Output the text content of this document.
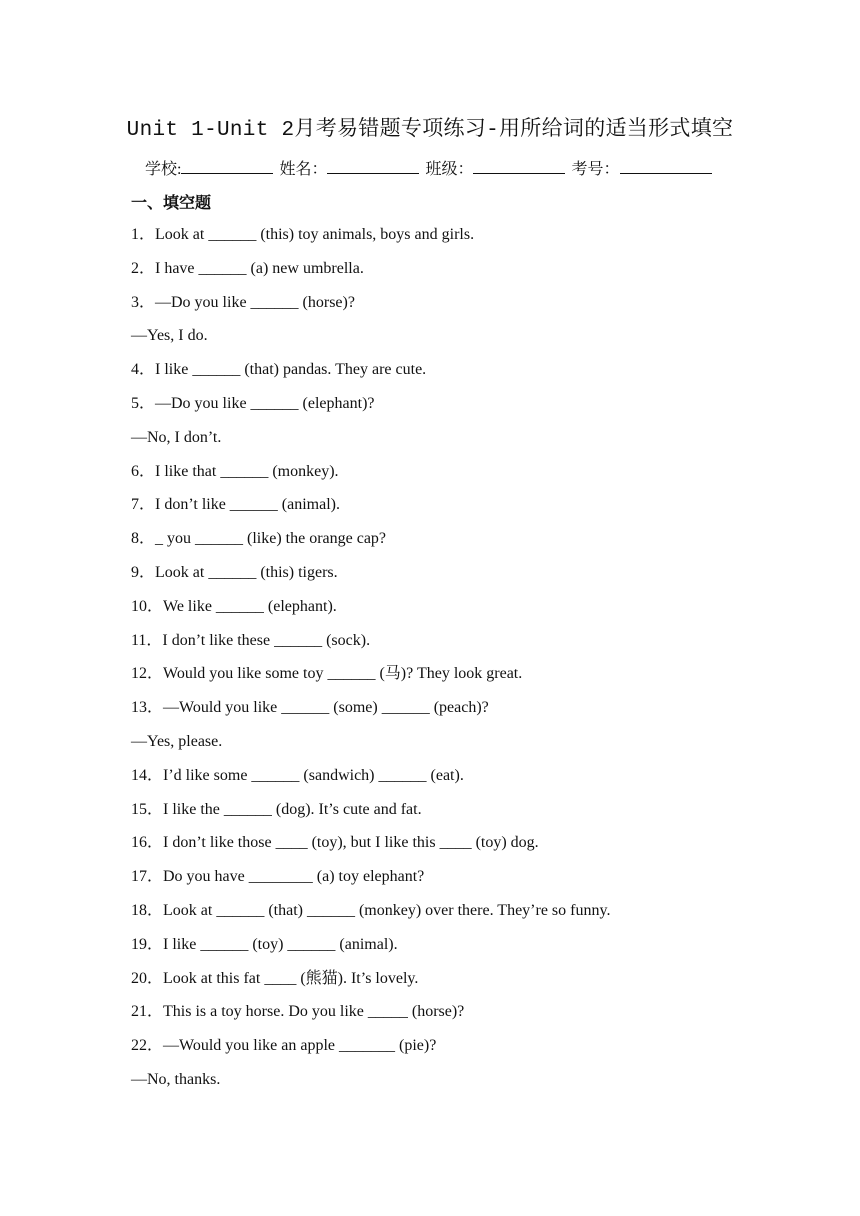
Unit 1-Unit 2月考易错题专项练习-用所给词的适当形式填空
学校:	姓名：	班级：	考号：
一、填空题
1．Look at ______ (this) toy animals, boys and girls.
2．I have ______ (a) new umbrella.
3．—Do you like ______ (horse)?
—Yes, I do.
4．I like ______ (that) pandas. They are cute.
5．—Do you like ______ (elephant)?
—No, I don’t.
6．I like that ______ (monkey).
7．I don’t like ______ (animal).
8．_ you ______ (like) the orange cap?
9．Look at ______ (this) tigers.
10．We like ______ (elephant).
11．I don’t like these ______ (sock).
12．Would you like some toy ______ (马)? They look great.
13．—Would you like ______ (some) ______ (peach)?
—Yes, please.
14．I’d like some ______ (sandwich) ______ (eat).
15．I like the ______ (dog). It’s cute and fat.
16．I don’t like those ____ (toy), but I like this ____ (toy) dog.
17．Do you have ________ (a) toy elephant?
18．Look at ______ (that) ______ (monkey) over there. They’re so funny.
19．I like ______ (toy) ______ (animal).
20．Look at this fat ____ (熊猫). It’s lovely.
21．This is a toy horse. Do you like _____ (horse)?
22．—Would you like an apple _______ (pie)?
—No, thanks.
